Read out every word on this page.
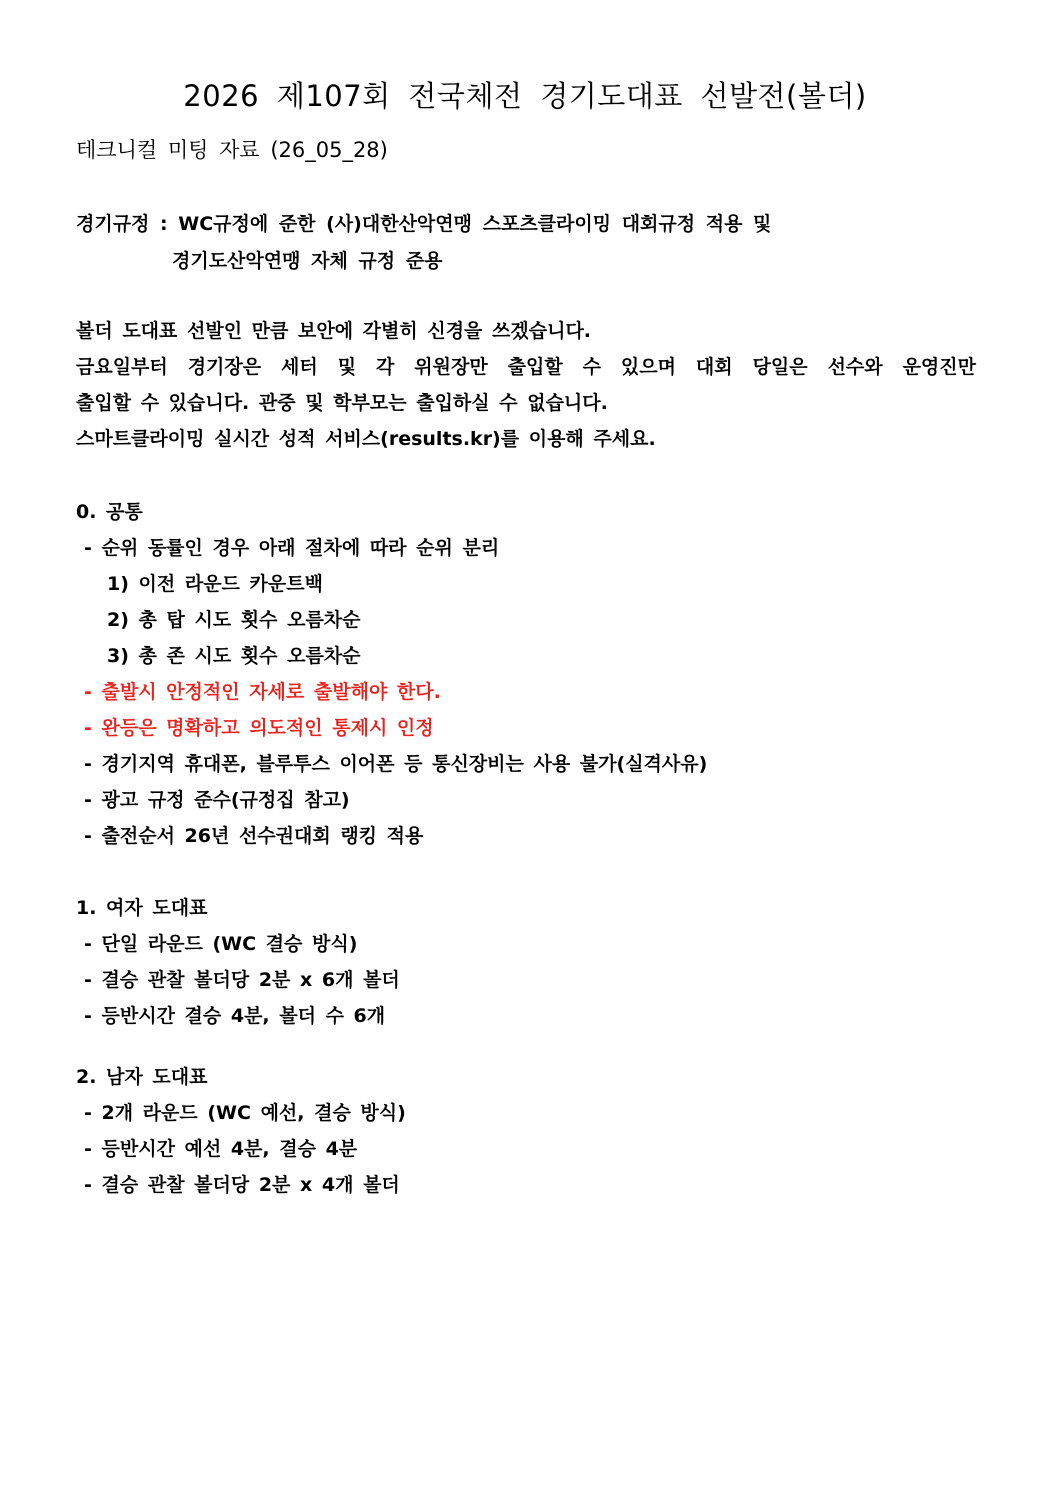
2026 제107회 전국체전 경기도대표 선발전(볼더)

테크니컬 미팅 자료 (26_05_28)

경기규정 : WC규정에 준한 (사)대한산악연맹 스포츠클라이밍 대회규정 적용 및

경기도산악연맹 자체 규정 준용

볼더 도대표 선발인 만큼 보안에 각별히 신경을 쓰겠습니다.
금요일부터 경기장은 세터 및 각 위원장만 출입할 수 있으며 대회 당일은 선수와 운영진만
출입할 수 있습니다. 관중 및 학부모는 출입하실 수 없습니다.
스마트클라이밍 실시간 성적 서비스(results.kr)를 이용해 주세요.
0. 공통
- 순위 동률인 경우 아래 절차에 따라 순위 분리
1) 이전 라운드 카운트백
2) 총 탑 시도 횟수 오름차순
3) 총 존 시도 횟수 오름차순
- 출발시 안정적인 자세로 출발해야 한다.
- 완등은 명확하고 의도적인 통제시 인정
- 경기지역 휴대폰, 블루투스 이어폰 등 통신장비는 사용 불가(실격사유)
- 광고 규정 준수(규정집 참고)
- 출전순서 26년 선수권대회 랭킹 적용
1. 여자 도대표
- 단일 라운드 (WC 결승 방식)
- 결승 관찰 볼더당 2분 x 6개 볼더
- 등반시간 결승 4분, 볼더 수 6개
2. 남자 도대표
- 2개 라운드 (WC 예선, 결승 방식)
- 등반시간 예선 4분, 결승 4분
- 결승 관찰 볼더당 2분 x 4개 볼더
